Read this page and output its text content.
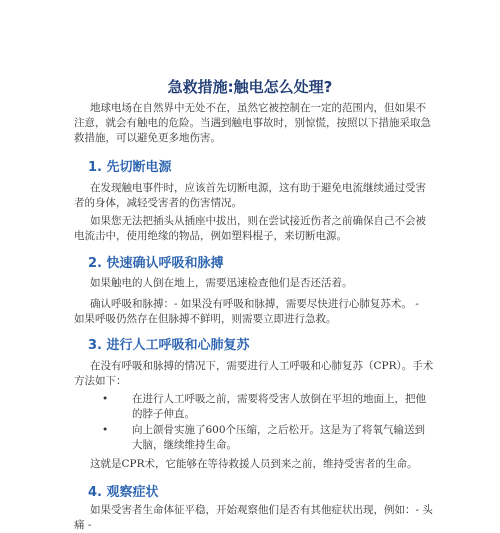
急救措施:触电怎么处理?
地球电场在自然界中无处不在，虽然它被控制在一定的范围内，但如果不注意，就会有触电的危险。当遇到触电事故时，别惊慌，按照以下措施采取急救措施，可以避免更多地伤害。
1. 先切断电源
在发现触电事件时，应该首先切断电源，这有助于避免电流继续通过受害者的身体，减轻受害者的伤害情况。
如果您无法把插头从插座中拔出，则在尝试接近伤者之前确保自己不会被电流击中，使用绝缘的物品，例如塑料棍子，来切断电源。
2. 快速确认呼吸和脉搏
如果触电的人倒在地上，需要迅速检查他们是否还活着。
确认呼吸和脉搏：- 如果没有呼吸和脉搏，需要尽快进行心肺复苏术。 -
如果呼吸仍然存在但脉搏不鲜明，则需要立即进行急救。
3. 进行人工呼吸和心肺复苏
在没有呼吸和脉搏的情况下，需要进行人工呼吸和心肺复苏（CPR）。手术方法如下：
• 在进行人工呼吸之前，需要将受害人放倒在平坦的地面上，把他的脖子伸直。
• 向上颌骨实施了600个压缩，之后松开。这是为了将氧气输送到大脑，继续维持生命。
这就是CPR术，它能够在等待救援人员到来之前，维持受害者的生命。
4. 观察症状
如果受害者生命体征平稳，开始观察他们是否有其他症状出现，例如：- 头痛 -
